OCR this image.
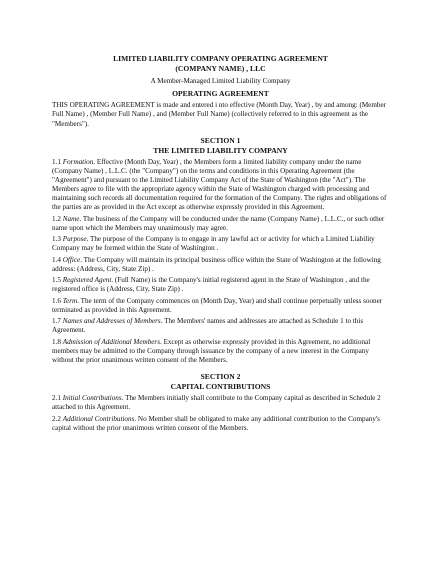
LIMITED LIABILITY COMPANY OPERATING AGREEMENT
(COMPANY NAME) , LLC
A Member-Managed Limited Liability Company
OPERATING AGREEMENT

THIS OPERATING AGREEMENT is made and entered i nto effective (Month Day, Year) , by and among: (Member Full Name) , (Member Full Name) , and (Member Full Name) (collectively referred to in this agreement as the "Members").

SECTION 1
THE LIMITED LIABILITY COMPANY

1.1 Formation. Effective (Month Day, Year) , the Members form a limited liability company under the name (Company Name) , L.L.C. (the "Company") on the terms and conditions in this Operating Agreement (the "Agreement") and pursuant to the Limited Liability Company Act of the State of Washington (the "Act"). The Members agree to file with the appropriate agency within the State of Washington charged with processing and maintaining such records all documentation required for the formation of the Company. The rights and obligations of the parties are as provided in the Act except as otherwise expressly provided in this Agreement.

1.2 Name. The business of the Company will be conducted under the name (Company Name) , L.L.C., or such other name upon which the Members may unanimously may agree.

1.3 Purpose. The purpose of the Company is to engage in any lawful act or activity for which a Limited Liability Company may be formed within the State of Washington .

1.4 Office. The Company will maintain its principal business office within the State of Washington at the following address: (Address, City, State Zip) .

1.5 Registered Agent. (Full Name) is the Company's initial registered agent in the State of Washington , and the registered office is (Address, City, State Zip) .

1.6 Term. The term of the Company commences on (Month Day, Year) and shall continue perpetually unless sooner terminated as provided in this Agreement.

1.7 Names and Addresses of Members. The Members' names and addresses are attached as Schedule 1 to this Agreement.

1.8 Admission of Additional Members. Except as otherwise expressly provided in this Agreement, no additional members may be admitted to the Company through issuance by the company of a new interest in the Company without the prior unanimous written consent of the Members.

SECTION 2
CAPITAL CONTRIBUTIONS

2.1 Initial Contributions. The Members initially shall contribute to the Company capital as described in Schedule 2 attached to this Agreement.

2.2 Additional Contributions. No Member shall be obligated to make any additional contribution to the Company's capital without the prior unanimous written consent of the Members.
